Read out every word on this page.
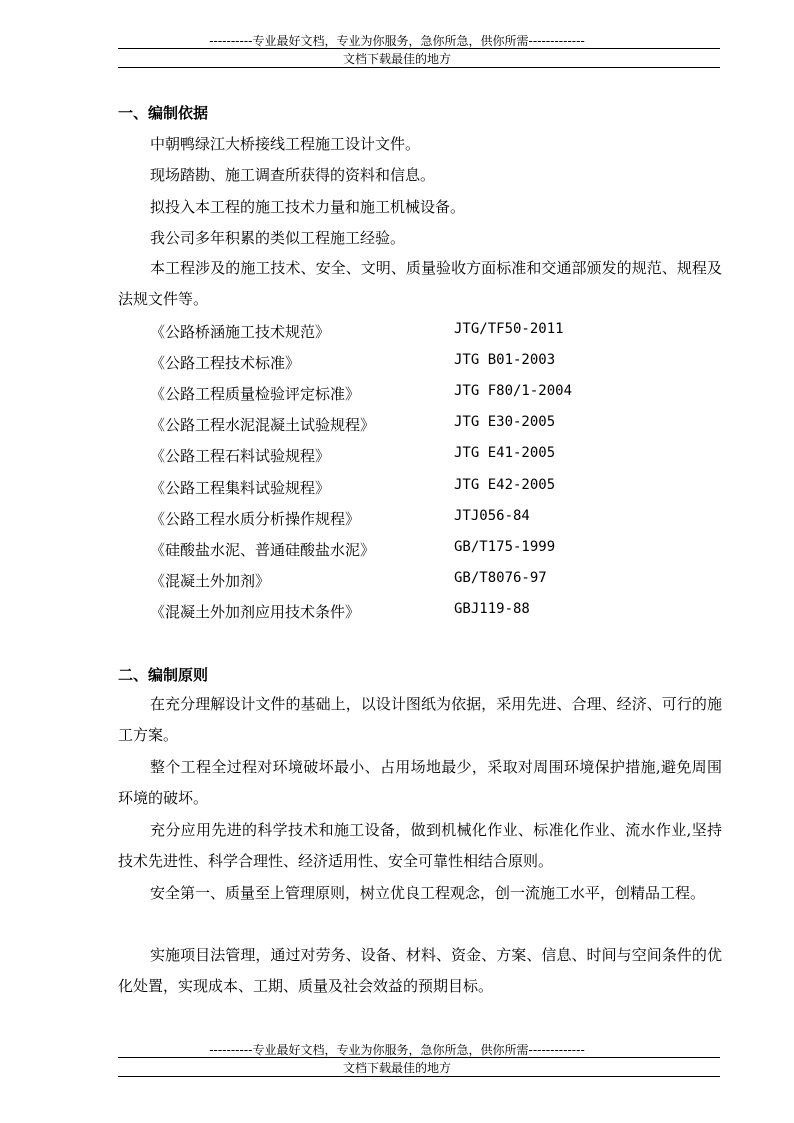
----------专业最好文档，专业为你服务，急你所急，供你所需-------------
文档下载最佳的地方
一、编制依据
中朝鸭绿江大桥接线工程施工设计文件。
现场踏勘、施工调查所获得的资料和信息。
拟投入本工程的施工技术力量和施工机械设备。
我公司多年积累的类似工程施工经验。

本工程涉及的施工技术、安全、文明、质量验收方面标准和交通部颁发的规范、规程及法规文件等。

《公路桥涵施工技术规范》	JTG/TF50-2011
《公路工程技术标准》	JTG B01-2003
《公路工程质量检验评定标准》	JTG F80/1-2004
《公路工程水泥混凝土试验规程》	JTG E30-2005
《公路工程石料试验规程》	JTG E41-2005
《公路工程集料试验规程》	JTG E42-2005
《公路工程水质分析操作规程》	JTJ056-84
《硅酸盐水泥、普通硅酸盐水泥》	GB/T175-1999
《混凝土外加剂》	GB/T8076-97
《混凝土外加剂应用技术条件》	GBJ119-88
二、编制原则

在充分理解设计文件的基础上，以设计图纸为依据，采用先进、合理、经济、可行的施工方案。

整个工程全过程对环境破坏最小、占用场地最少，采取对周围环境保护措施,避免周围环境的破坏。

充分应用先进的科学技术和施工设备，做到机械化作业、标准化作业、流水作业,坚持技术先进性、科学合理性、经济适用性、安全可靠性相结合原则。

安全第一、质量至上管理原则，树立优良工程观念，创一流施工水平，创精品工程。

实施项目法管理，通过对劳务、设备、材料、资金、方案、信息、时间与空间条件的优化处置，实现成本、工期、质量及社会效益的预期目标。

----------专业最好文档，专业为你服务，急你所急，供你所需-------------
文档下载最佳的地方
